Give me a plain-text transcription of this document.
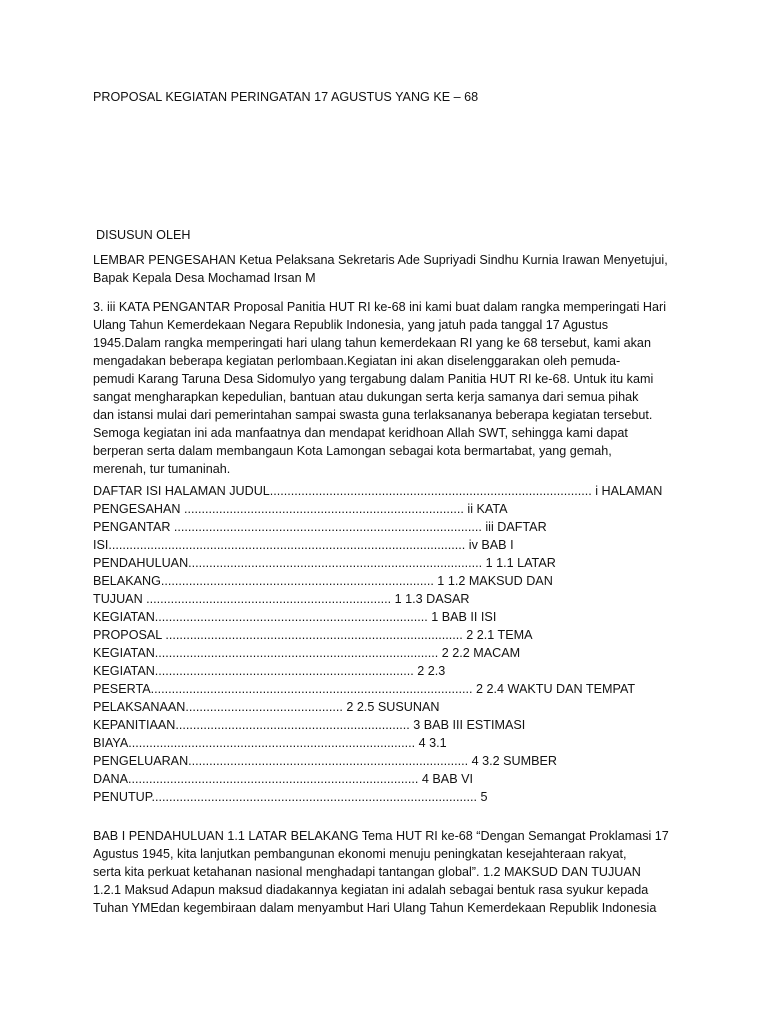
PROPOSAL KEGIATAN PERINGATAN 17 AGUSTUS YANG KE – 68
DISUSUN OLEH
LEMBAR PENGESAHAN Ketua Pelaksana Sekretaris Ade Supriyadi Sindhu Kurnia Irawan Menyetujui,
Bapak Kepala Desa Mochamad Irsan M
3. iii KATA PENGANTAR Proposal Panitia HUT RI ke-68 ini kami buat dalam rangka memperingati Hari
Ulang Tahun Kemerdekaan Negara Republik Indonesia, yang jatuh pada tanggal 17 Agustus
1945.Dalam rangka memperingati hari ulang tahun kemerdekaan RI yang ke 68 tersebut, kami akan
mengadakan beberapa kegiatan perlombaan.Kegiatan ini akan diselenggarakan oleh pemuda-
pemudi Karang Taruna Desa Sidomulyo yang tergabung dalam Panitia HUT RI ke-68. Untuk itu kami
sangat mengharapkan kepedulian, bantuan atau dukungan serta kerja samanya dari semua pihak
dan istansi mulai dari pemerintahan sampai swasta guna terlaksananya beberapa kegiatan tersebut.
Semoga kegiatan ini ada manfaatnya dan mendapat keridhoan Allah SWT, sehingga kami dapat
berperan serta dalam membangaun Kota Lamongan sebagai kota bermartabat, yang gemah,
merenah, tur tumaninah.
DAFTAR ISI HALAMAN JUDUL............................................................................................ i HALAMAN
PENGESAHAN ................................................................................ ii KATA
PENGANTAR ........................................................................................ iii DAFTAR
ISI...................................................................................................... iv BAB I
PENDAHULUAN.................................................................................... 1 1.1 LATAR
BELAKANG.............................................................................. 1 1.2 MAKSUD DAN
TUJUAN ...................................................................... 1 1.3 DASAR
KEGIATAN.............................................................................. 1 BAB II ISI
PROPOSAL ..................................................................................... 2 2.1 TEMA
KEGIATAN................................................................................. 2 2.2 MACAM
KEGIATAN.......................................................................... 2 2.3
PESERTA............................................................................................ 2 2.4 WAKTU DAN TEMPAT
PELAKSANAAN............................................. 2 2.5 SUSUNAN
KEPANITIAAN................................................................... 3 BAB III ESTIMASI
BIAYA.................................................................................. 4 3.1
PENGELUARAN................................................................................ 4 3.2 SUMBER
DANA................................................................................... 4 BAB VI
PENUTUP............................................................................................. 5
BAB I PENDAHULUAN 1.1 LATAR BELAKANG Tema HUT RI ke-68 “Dengan Semangat Proklamasi 17
Agustus 1945, kita lanjutkan pembangunan ekonomi menuju peningkatan kesejahteraan rakyat,
serta kita perkuat ketahanan nasional menghadapi tantangan global”. 1.2 MAKSUD DAN TUJUAN
1.2.1 Maksud Adapun maksud diadakannya kegiatan ini adalah sebagai bentuk rasa syukur kepada
Tuhan YMEdan kegembiraan dalam menyambut Hari Ulang Tahun Kemerdekaan Republik Indonesia
